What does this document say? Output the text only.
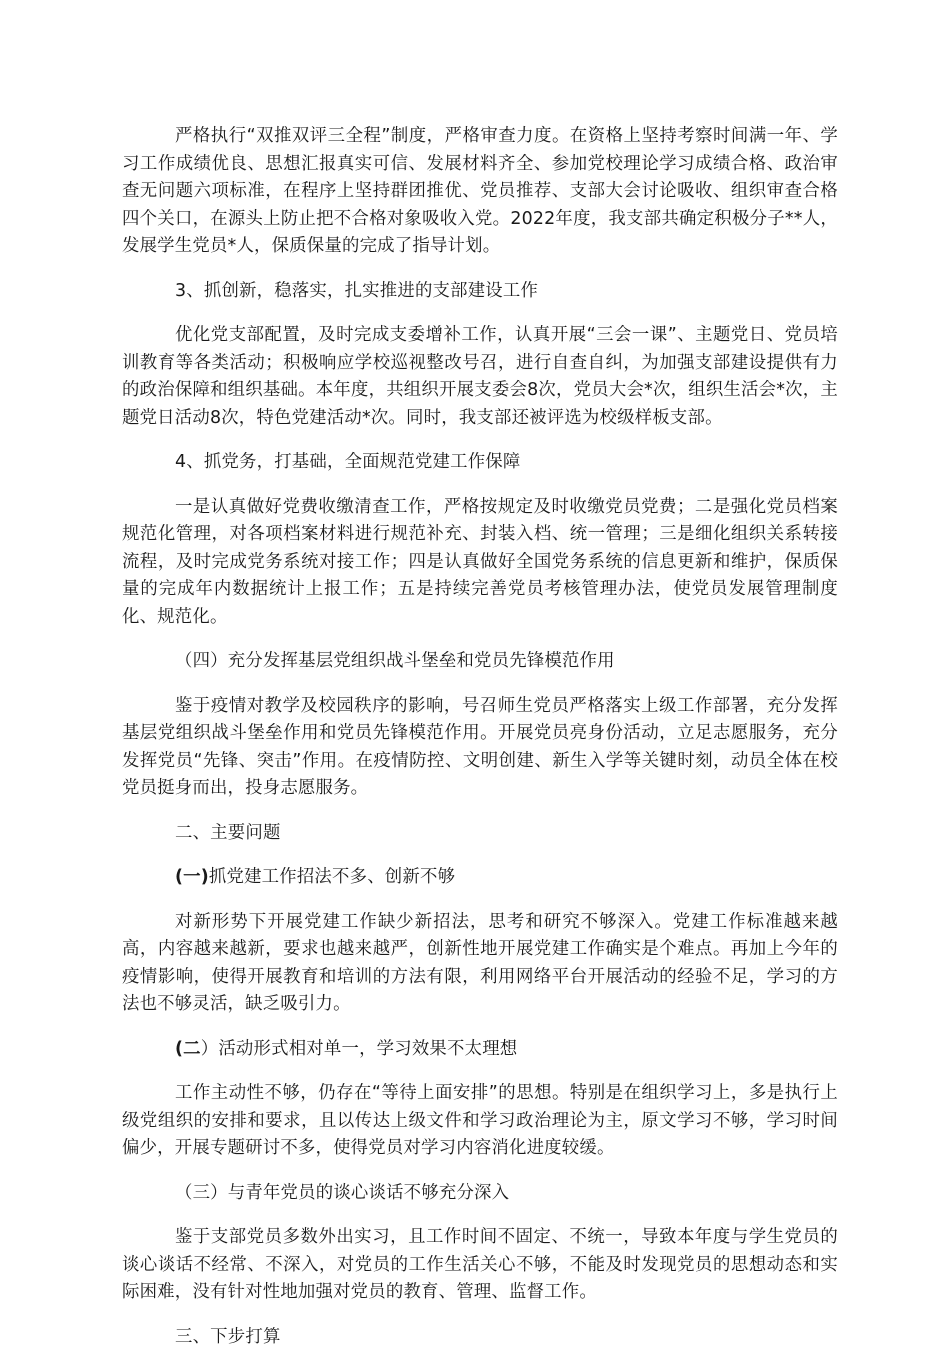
严格执行“双推双评三全程”制度，严格审查力度。在资格上坚持考察时间满一年、学习工作成绩优良、思想汇报真实可信、发展材料齐全、参加党校理论学习成绩合格、政治审查无问题六项标准，在程序上坚持群团推优、党员推荐、支部大会讨论吸收、组织审查合格四个关口，在源头上防止把不合格对象吸收入党。2022年度，我支部共确定积极分子**人，发展学生党员*人，保质保量的完成了指导计划。

3、抓创新，稳落实，扎实推进的支部建设工作

优化党支部配置，及时完成支委增补工作，认真开展“三会一课”、主题党日、党员培训教育等各类活动；积极响应学校巡视整改号召，进行自查自纠，为加强支部建设提供有力的政治保障和组织基础。本年度，共组织开展支委会8次，党员大会*次，组织生活会*次，主题党日活动8次，特色党建活动*次。同时，我支部还被评选为校级样板支部。

4、抓党务，打基础，全面规范党建工作保障

一是认真做好党费收缴清查工作，严格按规定及时收缴党员党费；二是强化党员档案规范化管理，对各项档案材料进行规范补充、封装入档、统一管理；三是细化组织关系转接流程，及时完成党务系统对接工作；四是认真做好全国党务系统的信息更新和维护，保质保量的完成年内数据统计上报工作；五是持续完善党员考核管理办法，使党员发展管理制度化、规范化。

（四）充分发挥基层党组织战斗堡垒和党员先锋模范作用

鉴于疫情对教学及校园秩序的影响，号召师生党员严格落实上级工作部署，充分发挥基层党组织战斗堡垒作用和党员先锋模范作用。开展党员亮身份活动，立足志愿服务，充分发挥党员“先锋、突击”作用。在疫情防控、文明创建、新生入学等关键时刻，动员全体在校党员挺身而出，投身志愿服务。

二、主要问题

(一)抓党建工作招法不多、创新不够

对新形势下开展党建工作缺少新招法，思考和研究不够深入。党建工作标准越来越高，内容越来越新，要求也越来越严，创新性地开展党建工作确实是个难点。再加上今年的疫情影响，使得开展教育和培训的方法有限，利用网络平台开展活动的经验不足，学习的方法也不够灵活，缺乏吸引力。

(二）活动形式相对单一，学习效果不太理想

工作主动性不够，仍存在“等待上面安排”的思想。特别是在组织学习上，多是执行上级党组织的安排和要求，且以传达上级文件和学习政治理论为主，原文学习不够，学习时间偏少，开展专题研讨不多，使得党员对学习内容消化进度较缓。

（三）与青年党员的谈心谈话不够充分深入

鉴于支部党员多数外出实习，且工作时间不固定、不统一，导致本年度与学生党员的谈心谈话不经常、不深入，对党员的工作生活关心不够，不能及时发现党员的思想动态和实际困难，没有针对性地加强对党员的教育、管理、监督工作。

三、下步打算
